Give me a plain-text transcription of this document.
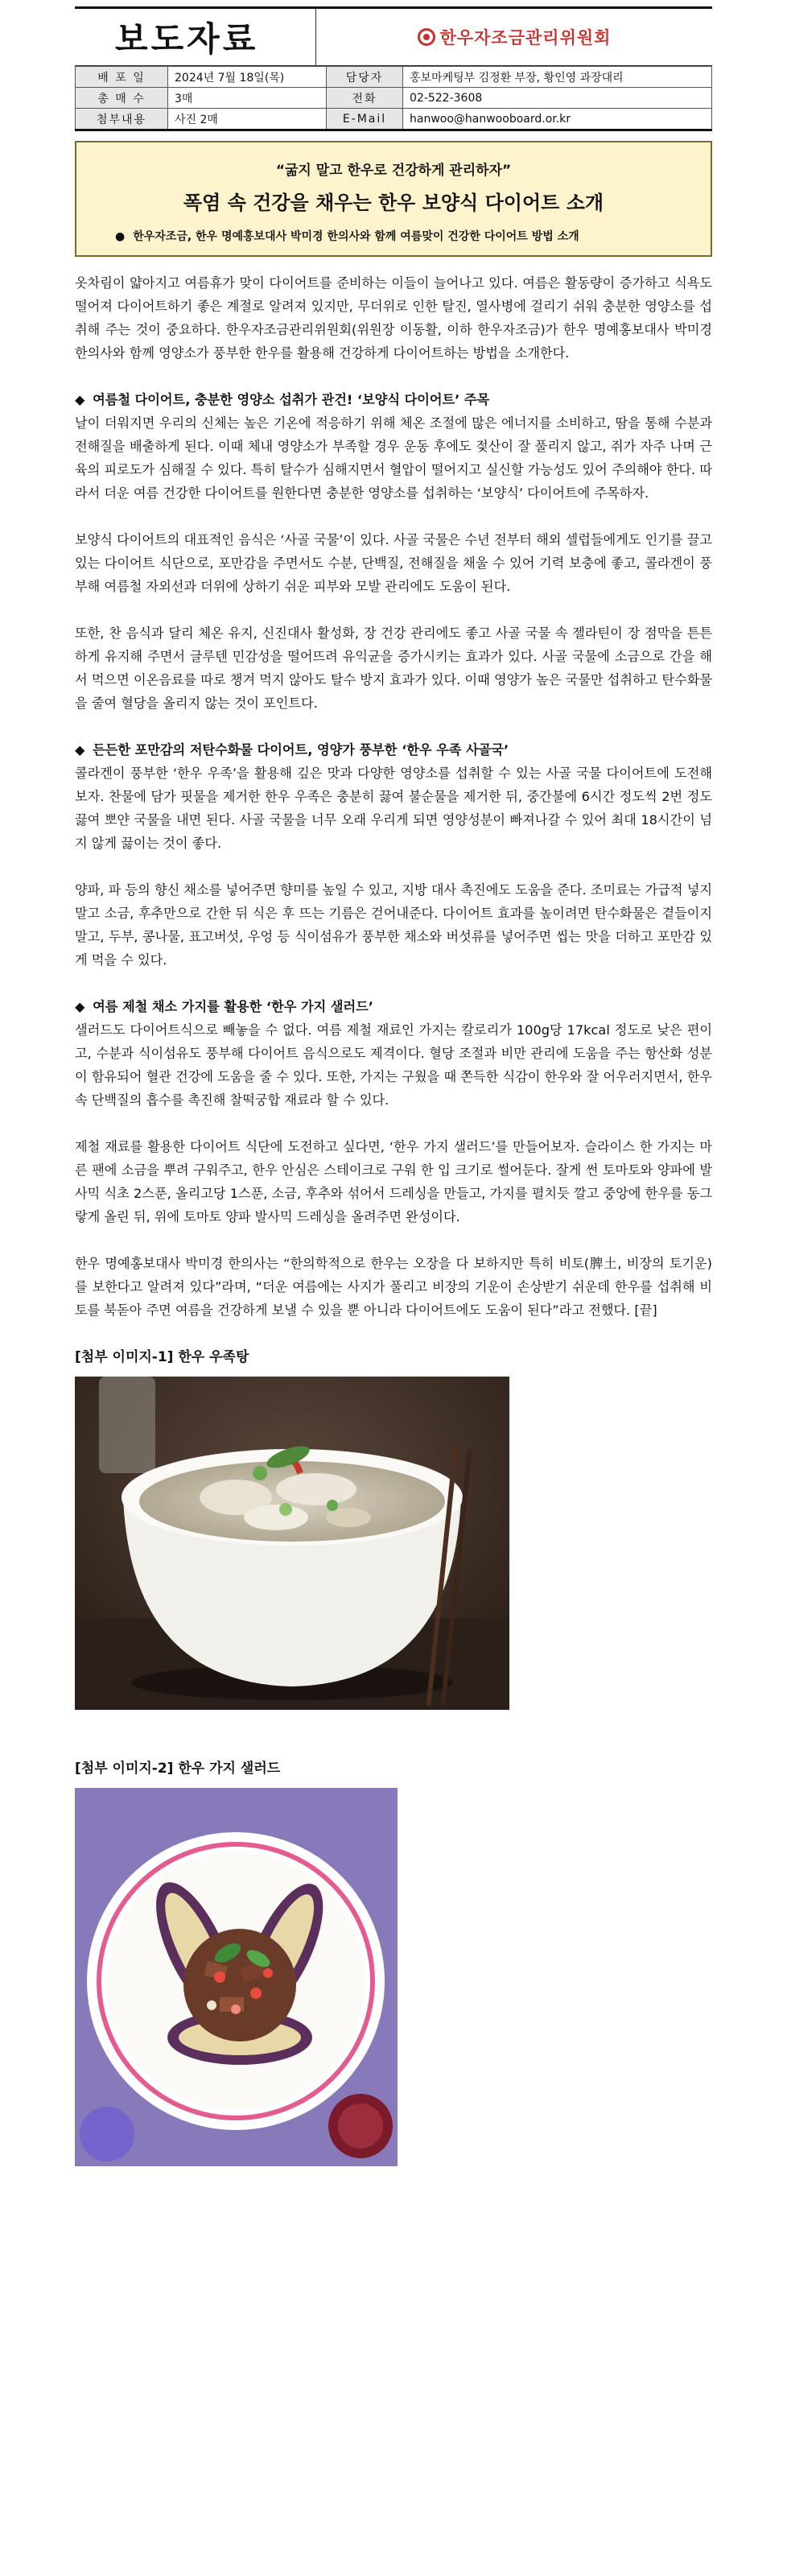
보도자료	한우자조금관리위원회
배 포 일	2024년 7월 18일(목)	담당자	홍보마케팅부 김정환 부장, 황인영 과장대리
총 매 수	3매	전화	02-522-3608
첨부내용	사진 2매	E-Mail	hanwoo@hanwooboard.or.kr
“굶지 말고 한우로 건강하게 관리하자”
폭염 속 건강을 채우는 한우 보양식 다이어트 소개
● 한우자조금, 한우 명예홍보대사 박미경 한의사와 함께 여름맞이 건강한 다이어트 방법 소개

옷차림이 얇아지고 여름휴가 맞이 다이어트를 준비하는 이들이 늘어나고 있다. 여름은 활동량이 증가하고 식욕도 떨어져 다이어트하기 좋은 계절로 알려져 있지만, 무더위로 인한 탈진, 열사병에 걸리기 쉬워 충분한 영양소를 섭취해 주는 것이 중요하다. 한우자조금관리위원회(위원장 이동활, 이하 한우자조금)가 한우 명예홍보대사 박미경 한의사와 함께 영양소가 풍부한 한우를 활용해 건강하게 다이어트하는 방법을 소개한다.

◆ 여름철 다이어트, 충분한 영양소 섭취가 관건! ‘보양식 다이어트’ 주목

날이 더워지면 우리의 신체는 높은 기온에 적응하기 위해 체온 조절에 많은 에너지를 소비하고, 땀을 통해 수분과 전해질을 배출하게 된다. 이때 체내 영양소가 부족할 경우 운동 후에도 젖산이 잘 풀리지 않고, 쥐가 자주 나며 근육의 피로도가 심해질 수 있다. 특히 탈수가 심해지면서 혈압이 떨어지고 실신할 가능성도 있어 주의해야 한다. 따라서 더운 여름 건강한 다이어트를 원한다면 충분한 영양소를 섭취하는 ‘보양식’ 다이어트에 주목하자.

보양식 다이어트의 대표적인 음식은 ‘사골 국물’이 있다. 사골 국물은 수년 전부터 해외 셀럽들에게도 인기를 끌고 있는 다이어트 식단으로, 포만감을 주면서도 수분, 단백질, 전해질을 채울 수 있어 기력 보충에 좋고, 콜라겐이 풍부해 여름철 자외선과 더위에 상하기 쉬운 피부와 모발 관리에도 도움이 된다.

또한, 찬 음식과 달리 체온 유지, 신진대사 활성화, 장 건강 관리에도 좋고 사골 국물 속 젤라틴이 장 점막을 튼튼하게 유지해 주면서 글루텐 민감성을 떨어뜨려 유익균을 증가시키는 효과가 있다. 사골 국물에 소금으로 간을 해서 먹으면 이온음료를 따로 챙겨 먹지 않아도 탈수 방지 효과가 있다. 이때 영양가 높은 국물만 섭취하고 탄수화물을 줄여 혈당을 올리지 않는 것이 포인트다.

◆ 든든한 포만감의 저탄수화물 다이어트, 영양가 풍부한 ‘한우 우족 사골국’

콜라겐이 풍부한 ‘한우 우족’을 활용해 깊은 맛과 다양한 영양소를 섭취할 수 있는 사골 국물 다이어트에 도전해 보자. 찬물에 담가 핏물을 제거한 한우 우족은 충분히 끓여 불순물을 제거한 뒤, 중간불에 6시간 정도씩 2번 정도 끓여 뽀얀 국물을 내면 된다. 사골 국물을 너무 오래 우리게 되면 영양성분이 빠져나갈 수 있어 최대 18시간이 넘지 않게 끓이는 것이 좋다.

양파, 파 등의 향신 채소를 넣어주면 향미를 높일 수 있고, 지방 대사 촉진에도 도움을 준다. 조미료는 가급적 넣지 말고 소금, 후추만으로 간한 뒤 식은 후 뜨는 기름은 걷어내준다. 다이어트 효과를 높이려면 탄수화물은 곁들이지 말고, 두부, 콩나물, 표고버섯, 우엉 등 식이섬유가 풍부한 채소와 버섯류를 넣어주면 씹는 맛을 더하고 포만감 있게 먹을 수 있다.

◆ 여름 제철 채소 가지를 활용한 ‘한우 가지 샐러드’

샐러드도 다이어트식으로 빼놓을 수 없다. 여름 제철 재료인 가지는 칼로리가 100g당 17kcal 정도로 낮은 편이고, 수분과 식이섬유도 풍부해 다이어트 음식으로도 제격이다. 혈당 조절과 비만 관리에 도움을 주는 항산화 성분이 함유되어 혈관 건강에 도움을 줄 수 있다. 또한, 가지는 구웠을 때 쫀득한 식감이 한우와 잘 어우러지면서, 한우 속 단백질의 흡수를 촉진해 찰떡궁합 재료라 할 수 있다.

제철 재료를 활용한 다이어트 식단에 도전하고 싶다면, ‘한우 가지 샐러드’를 만들어보자. 슬라이스 한 가지는 마른 팬에 소금을 뿌려 구워주고, 한우 안심은 스테이크로 구워 한 입 크기로 썰어둔다. 잘게 썬 토마토와 양파에 발사믹 식초 2스푼, 올리고당 1스푼, 소금, 후추와 섞어서 드레싱을 만들고, 가지를 펼치듯 깔고 중앙에 한우를 동그랗게 올린 뒤, 위에 토마토 양파 발사믹 드레싱을 올려주면 완성이다.

한우 명예홍보대사 박미경 한의사는 “한의학적으로 한우는 오장을 다 보하지만 특히 비토(脾土, 비장의 토기운)를 보한다고 알려져 있다”라며, “더운 여름에는 사지가 풀리고 비장의 기운이 손상받기 쉬운데 한우를 섭취해 비토를 북돋아 주면 여름을 건강하게 보낼 수 있을 뿐 아니라 다이어트에도 도움이 된다”라고 전했다. [끝]

[첨부 이미지-1] 한우 우족탕
[첨부 이미지-2] 한우 가지 샐러드
